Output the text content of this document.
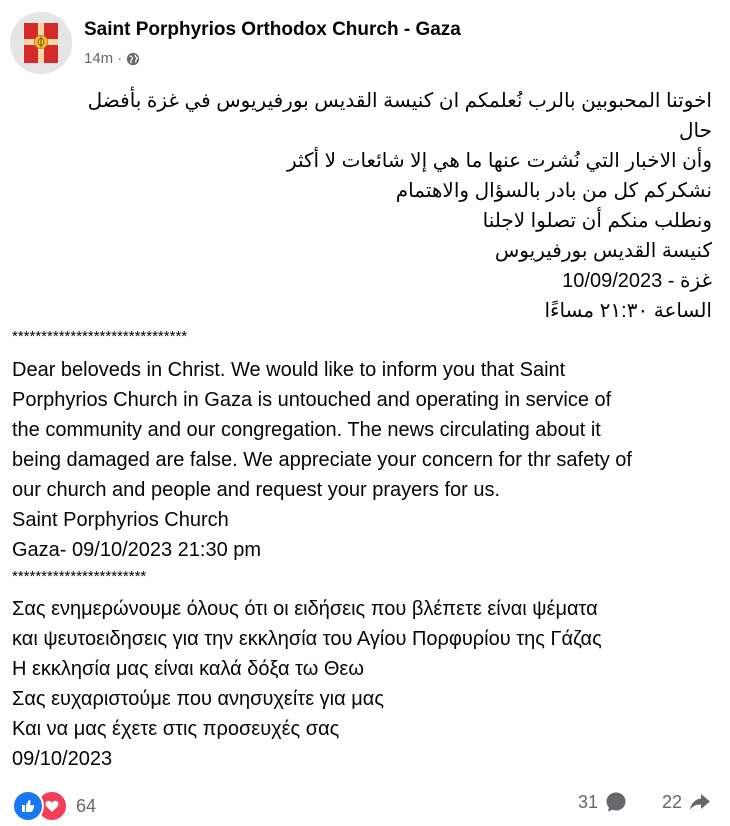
Saint Porphyrios Orthodox Church - Gaza
14m ·
اخوتنا المحبوبين بالرب نُعلمكم ان كنيسة القديس بورفيريوس في غزة بأفضل
حال
وأن الاخبار التي نُشرت عنها ما هي إلا شائعات لا أكثر
نشكركم كل من بادر بالسؤال والاهتمام
ونطلب منكم أن تصلوا لاجلنا
كنيسة القديس بورفيريوس
غزة - 10/09/2023
الساعة ٢١:٣٠ مساءًا
******************************
Dear beloveds in Christ. We would like to inform you that Saint
Porphyrios Church in Gaza is untouched and operating in service of
the community and our congregation. The news circulating about it
being damaged are false. We appreciate your concern for thr safety of
our church and people and request your prayers for us.
Saint Porphyrios Church
Gaza- 09/10/2023 21:30 pm
***********************
Σας ενημερώνουμε όλους ότι οι ειδήσεις που βλέπετε είναι ψέματα
και ψευτοειδησεις για την εκκλησία του Αγίου Πορφυρίου της Γάζας
Η εκκλησία μας είναι καλά δόξα τω Θεω
Σας ευχαριστούμε που ανησυχείτε για μας
Και να μας έχετε στις προσευχές σας
09/10/2023
64	31	22
